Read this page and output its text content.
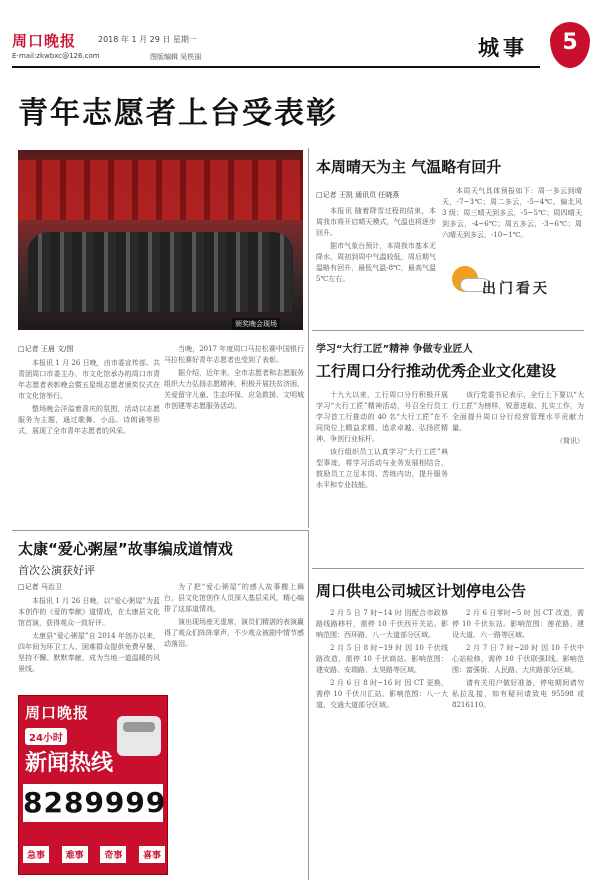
周口晚报	2018 年 1 月 29 日 星期一
E-mail:zkwbxc@126.com	图版编辑 吴铁丽	城事	5
青年志愿者上台受表彰
颁奖晚会现场
□记者 王晨 文/图

本报讯 1 月 26 日晚，由市委宣传部、共青团周口市委主办，市文化馆承办的周口市青年志愿者表彰晚会暨五星级志愿者颁奖仪式在市文化馆举行。

整场晚会洋溢着喜庆的氛围，活动以志愿服务为主题，通过歌舞、小品、诗朗诵等形式，展现了全市青年志愿者的风采。

当晚，2017 年度周口马拉松赛中国银行马拉松赛好青年志愿者也受到了表彰。

据介绍，近年来，全市志愿者和志愿服务组织大力弘扬志愿精神，积极开展扶贫济困、关爱留守儿童、生态环保、应急救援、文明城市创建等志愿服务活动。

本周晴天为主 气温略有回升
□记者 王凯 通讯员 任晓燕

本报讯 随着降雪过程的结束，本周我市将开启晴天模式，气温也将逐步回升。

据市气象台预计，本周我市基本无降水，周初到周中气温较低，周后期气温略有回升，最低气温-8℃，最高气温 5℃左右。

本周天气具体预报如下：周一多云到晴天，-7~3℃；周二多云，-5~4℃，偏北风 3 级；周三晴天到多云，-5~5℃；周四晴天到多云，-4~6℃；周五多云，-3~6℃；周六晴天到多云，-10~1℃。

出门看天
学习“大行工匠”精神 争做专业匠人
工行周口分行推动优秀企业文化建设

十九大以来，工行周口分行积极开展学习“大行工匠”精神活动，号召全行员工学习首工行推动的 40 名“大行工匠”在不同岗位上精益求精、追求卓越、弘扬匠精神，争创行业标杆。

该行组织员工认真学习“大行工匠”典型事迹，将学习活动与业务发展相结合，鼓励员工立足本岗、苦练内功，提升服务水平和专业技能。

该行党委书记表示，全行上下要以“大行工匠”为榜样，锐意进取、扎实工作，为全面提升周口分行经营管理水平贡献力量。

（简讯）

太康“爱心粥屋”故事编成道情戏
首次公演获好评
□记者 马治卫

本报讯 1 月 26 日晚，以“爱心粥屋”为蓝本创作的《爱的奉献》道情戏，在太康县文化馆首演，获得观众一致好评。

太康县“爱心粥屋”自 2014 年创办以来，四年间为环卫工人、困难群众提供免费早餐，坚持不懈、默默奉献，成为当地一道温暖的风景线。

为了把“爱心粥屋”的感人故事搬上舞台，县文化馆创作人员深入基层采风，精心编排了这部道情戏。

演出现场座无虚席，演员们精湛的表演赢得了观众们阵阵掌声，不少观众被剧中情节感动落泪。

周口晚报
24小时
新闻热线
8289999
急事	难事	奇事	喜事
周口供电公司城区计划停电公告

2 月 5 日 7 时~14 时 因配合市政修路线路移杆，需停 10 千伏西开关站。影响范围：西环路、八一大道部分区域。

2 月 5 日 8 时~19 时 因 10 千伏线路改造，需停 10 千伏商站。影响范围：建安路、安瑞路、太昊路等区域。

2 月 6 日 8 时~16 时 因 CT 更换，需停 10 千伏川汇站。影响范围：八一大道、交通大道部分区域。

2 月 6 日零时~5 时 因 CT 改造，需停 10 千伏东站。影响范围：莲花路、建设大道、六一路等区域。

2 月 7 日 7 时~20 时 因 10 千伏中心站检修，需停 10 千伏联强Ⅰ线。影响范围：富强街、人民路、大庆路部分区域。

请有关用户做好准备，停电期间请勿私拉乱接，如有疑问请致电 95598 或 8216110。
